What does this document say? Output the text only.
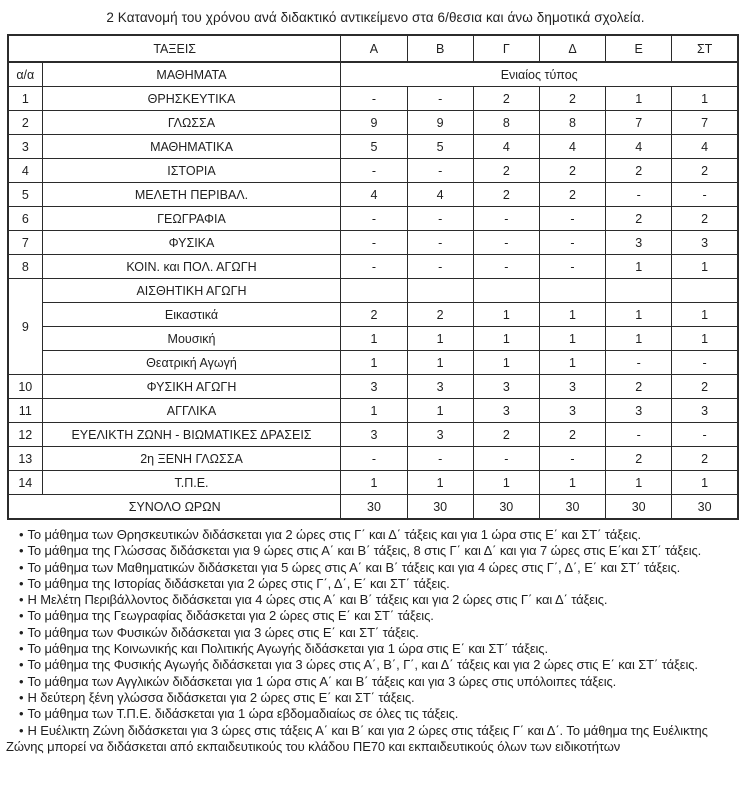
2 Κατανομή του χρόνου ανά διδακτικό αντικείμενο στα 6/θεσια και άνω δημοτικά σχολεία.
ΤΑΞΕΙΣ		Α	Β	Γ	Δ	Ε	ΣΤ
α/α	ΜΑΘΗΜΑΤΑ	Ενιαίος τύπος					
1	ΘΡΗΣΚΕΥΤΙΚΑ	-	-	2	2	1	1
2	ΓΛΩΣΣΑ	9	9	8	8	7	7
3	ΜΑΘΗΜΑΤΙΚΑ	5	5	4	4	4	4
4	ΙΣΤΟΡΙΑ	-	-	2	2	2	2
5	ΜΕΛΕΤΗ ΠΕΡΙΒΑΛ.	4	4	2	2	-	-
6	ΓΕΩΓΡΑΦΙΑ	-	-	-	-	2	2
7	ΦΥΣΙΚΑ	-	-	-	-	3	3
8	ΚΟΙΝ. και ΠΟΛ. ΑΓΩΓΗ	-	-	-	-	1	1
9	ΑΙΣΘΗΤΙΚΗ ΑΓΩΓΗ						
	Εικαστικά	2	2	1	1	1	1
	Μουσική	1	1	1	1	1	1
	Θεατρική Αγωγή	1	1	1	1	-	-
10	ΦΥΣΙΚΗ ΑΓΩΓΗ	3	3	3	3	2	2
11	ΑΓΓΛΙΚΑ	1	1	3	3	3	3
12	ΕΥΕΛΙΚΤΗ ΖΩΝΗ - ΒΙΩΜΑΤΙΚΕΣ ΔΡΑΣΕΙΣ	3	3	2	2	-	-
13	2η ΞΕΝΗ ΓΛΩΣΣΑ	-	-	-	-	2	2
14	Τ.Π.Ε.	1	1	1	1	1	1
ΣΥΝΟΛΟ ΩΡΩΝ		30	30	30	30	30	30

• Το μάθημα των Θρησκευτικών διδάσκεται για 2 ώρες στις Γ΄ και Δ΄ τάξεις και για 1 ώρα στις Ε΄ και ΣΤ΄ τάξεις.

• Το μάθημα της Γλώσσας διδάσκεται για 9 ώρες στις Α΄ και Β΄ τάξεις, 8 στις Γ΄ και Δ΄ και για 7 ώρες στις Ε΄και ΣΤ΄ τάξεις.

• Το μάθημα των Μαθηματικών διδάσκεται για 5 ώρες στις Α΄ και Β΄ τάξεις και για 4 ώρες στις Γ΄, Δ΄, Ε΄ και ΣΤ΄ τάξεις.

• Το μάθημα της Ιστορίας διδάσκεται για 2 ώρες στις Γ΄, Δ΄, Ε΄ και ΣΤ΄ τάξεις.

• Η Μελέτη Περιβάλλοντος διδάσκεται για 4 ώρες στις Α΄ και Β΄ τάξεις και για 2 ώρες στις Γ΄ και Δ΄ τάξεις.

• Το μάθημα της Γεωγραφίας διδάσκεται για 2 ώρες στις Ε΄ και ΣΤ΄ τάξεις.

• Το μάθημα των Φυσικών διδάσκεται για 3 ώρες στις Ε΄ και ΣΤ΄ τάξεις.

• Το μάθημα της Κοινωνικής και Πολιτικής Αγωγής διδάσκεται για 1 ώρα στις Ε΄ και ΣΤ΄ τάξεις.

• Το μάθημα της Φυσικής Αγωγής διδάσκεται για 3 ώρες στις Α΄, Β΄, Γ΄, και Δ΄ τάξεις και για 2 ώρες στις Ε΄ και ΣΤ΄ τάξεις.

• Το μάθημα των Αγγλικών διδάσκεται για 1 ώρα στις Α΄ και Β΄ τάξεις και για 3 ώρες στις υπόλοιπες τάξεις.

• Η δεύτερη ξένη γλώσσα διδάσκεται για 2 ώρες στις Ε΄ και ΣΤ΄ τάξεις.

• Το μάθημα των Τ.Π.Ε. διδάσκεται για 1 ώρα εβδομαδιαίως σε όλες τις τάξεις.

• Η Ευέλικτη Ζώνη διδάσκεται για 3 ώρες στις τάξεις Α΄ και Β΄ και για 2 ώρες στις τάξεις Γ΄ και Δ΄. Το μάθημα της Ευέλικτης Ζώνης μπορεί να διδάσκεται από εκπαιδευτικούς του κλάδου ΠΕ70 και εκπαιδευτικούς όλων των ειδικοτήτων
